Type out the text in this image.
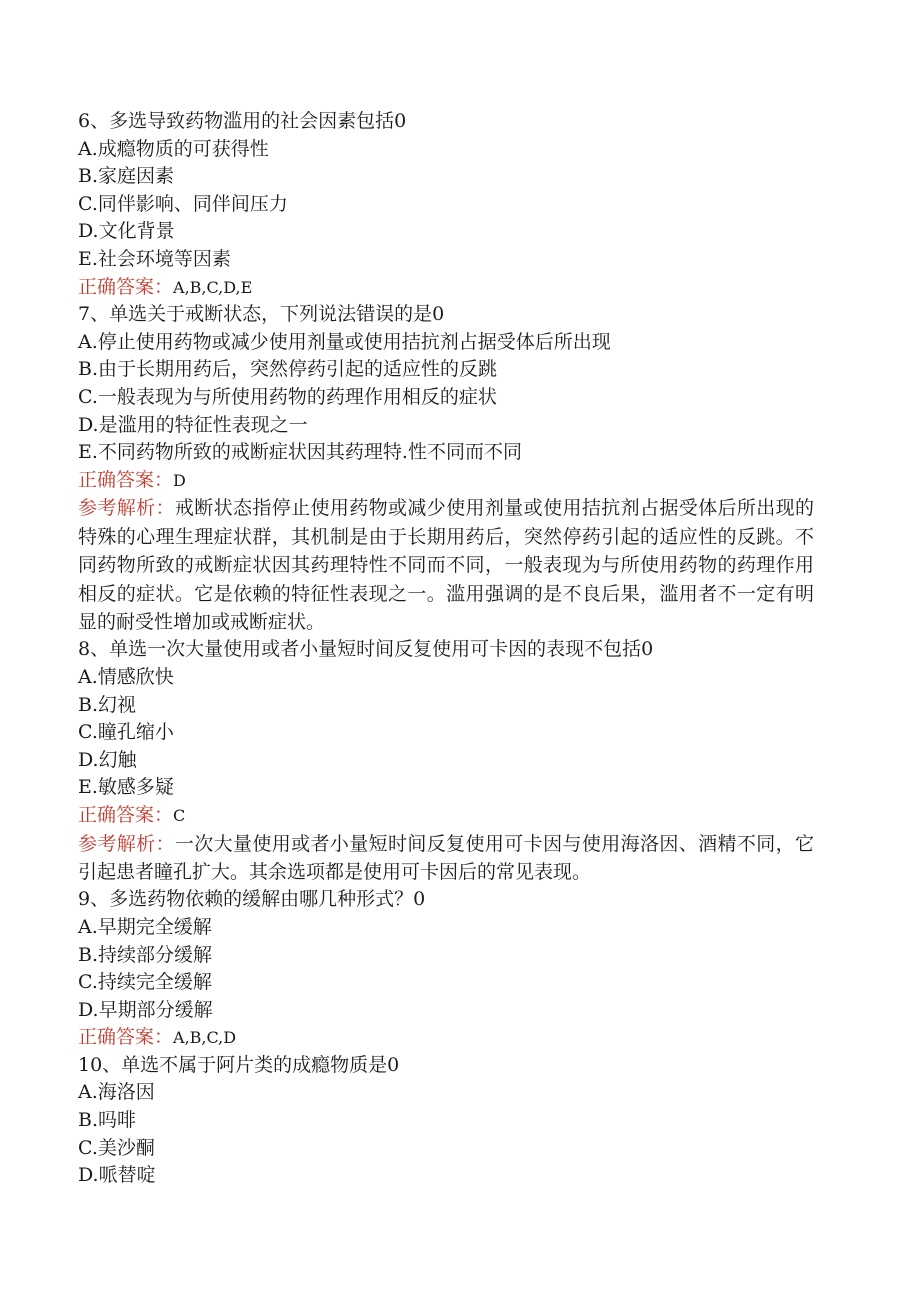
6、多选导致药物滥用的社会因素包括0
A.成瘾物质的可获得性
B.家庭因素
C.同伴影响、同伴间压力
D.文化背景
E.社会环境等因素
正确答案：A,B,C,D,E
7、单选关于戒断状态，下列说法错误的是0
A.停止使用药物或减少使用剂量或使用拮抗剂占据受体后所出现
B.由于长期用药后，突然停药引起的适应性的反跳
C.一般表现为与所使用药物的药理作用相反的症状
D.是滥用的特征性表现之一
E.不同药物所致的戒断症状因其药理特.性不同而不同
正确答案：D
参考解析：戒断状态指停止使用药物或减少使用剂量或使用拮抗剂占据受体后所出现的特殊的心理生理症状群，其机制是由于长期用药后，突然停药引起的适应性的反跳。不同药物所致的戒断症状因其药理特性不同而不同，一般表现为与所使用药物的药理作用相反的症状。它是依赖的特征性表现之一。滥用强调的是不良后果，滥用者不一定有明显的耐受性增加或戒断症状。
8、单选一次大量使用或者小量短时间反复使用可卡因的表现不包括0
A.情感欣快
B.幻视
C.瞳孔缩小
D.幻触
E.敏感多疑
正确答案：C
参考解析：一次大量使用或者小量短时间反复使用可卡因与使用海洛因、酒精不同，它引起患者瞳孔扩大。其余选项都是使用可卡因后的常见表现。
9、多选药物依赖的缓解由哪几种形式？0
A.早期完全缓解
B.持续部分缓解
C.持续完全缓解
D.早期部分缓解
正确答案：A,B,C,D
10、单选不属于阿片类的成瘾物质是0
A.海洛因
B.吗啡
C.美沙酮
D.哌替啶
